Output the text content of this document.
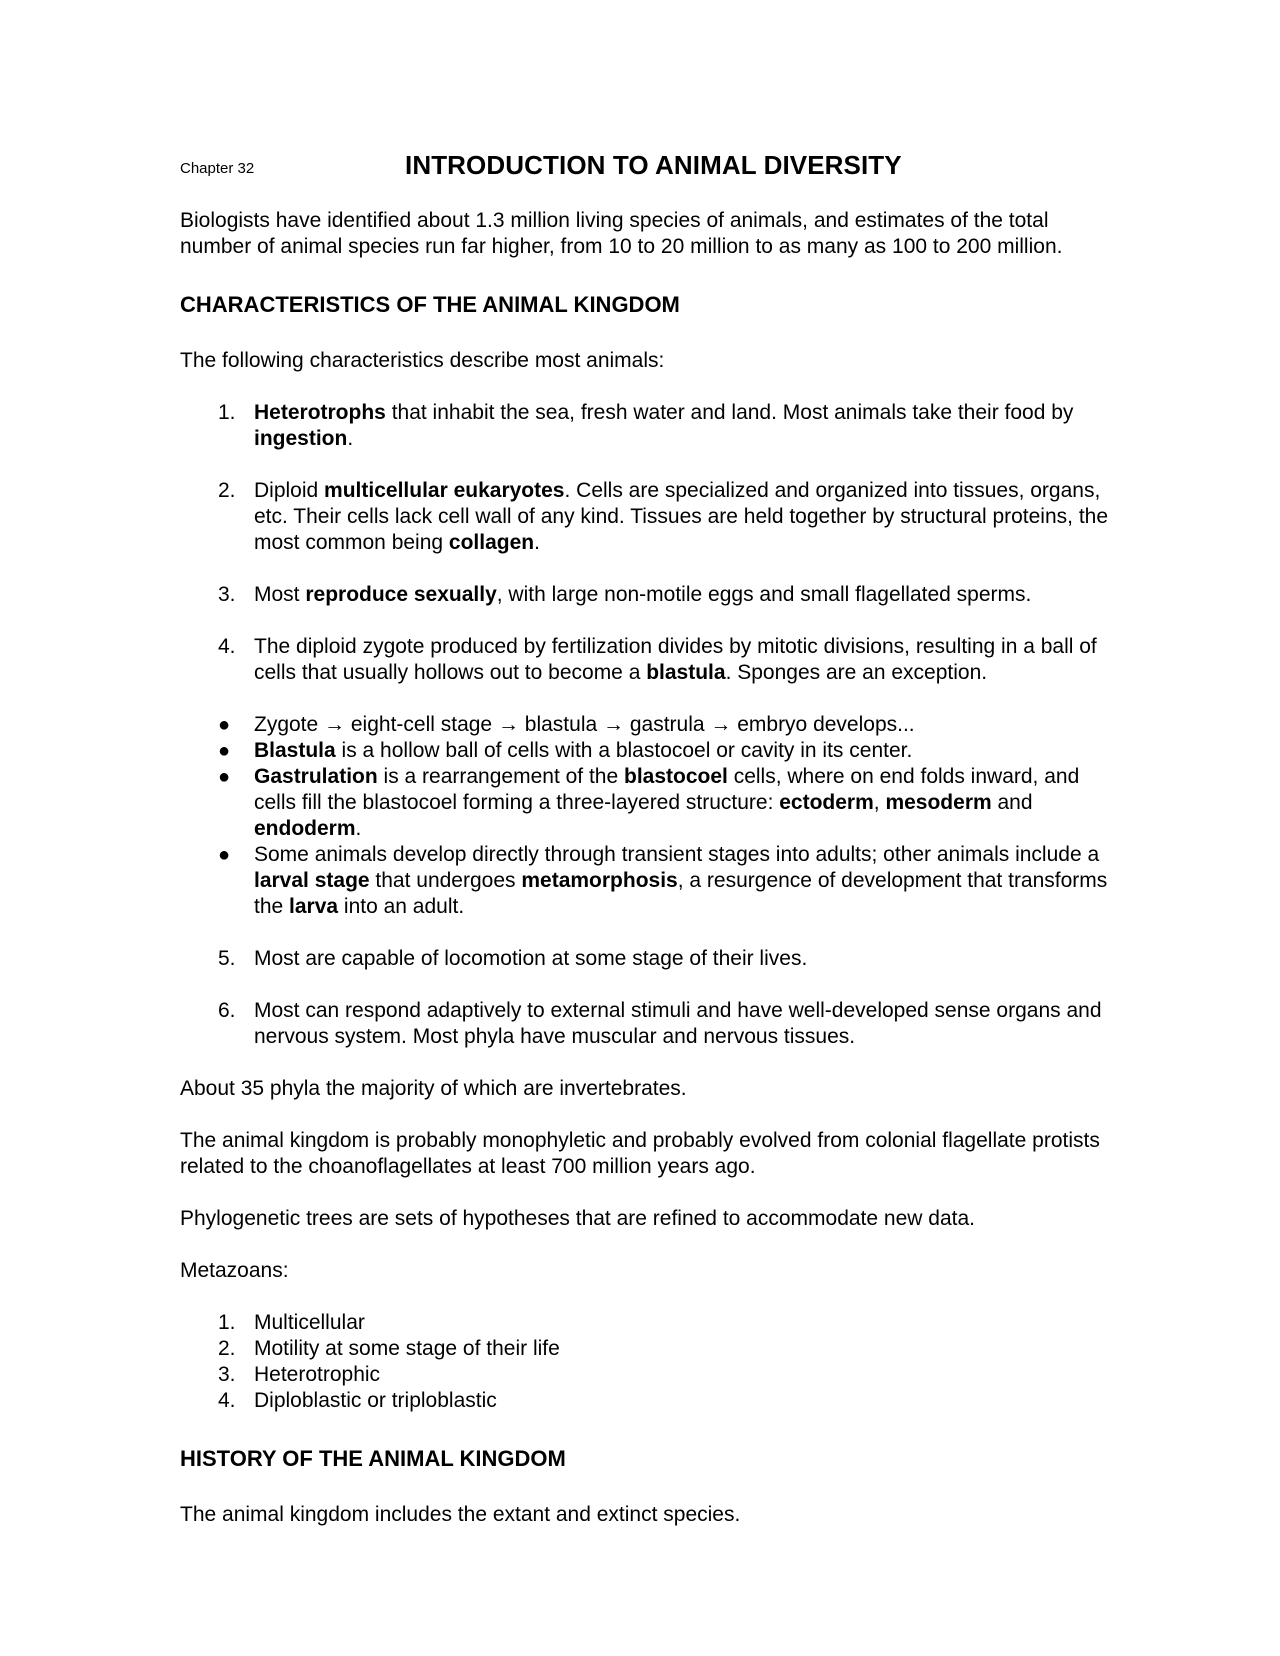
Chapter 32	INTRODUCTION TO ANIMAL DIVERSITY

Biologists have identified about 1.3 million living species of animals, and estimates of the total number of animal species run far higher, from 10 to 20 million to as many as 100 to 200 million.

CHARACTERISTICS OF THE ANIMAL KINGDOM

The following characteristics describe most animals:

1. Heterotrophs that inhabit the sea, fresh water and land. Most animals take their food by ingestion.
2. Diploid multicellular eukaryotes. Cells are specialized and organized into tissues, organs, etc. Their cells lack cell wall of any kind. Tissues are held together by structural proteins, the most common being collagen.
3. Most reproduce sexually, with large non-motile eggs and small flagellated sperms.
4. The diploid zygote produced by fertilization divides by mitotic divisions, resulting in a ball of cells that usually hollows out to become a blastula. Sponges are an exception.
● Zygote → eight-cell stage → blastula → gastrula → embryo develops...
● Blastula is a hollow ball of cells with a blastocoel or cavity in its center.
● Gastrulation is a rearrangement of the blastocoel cells, where on end folds inward, and cells fill the blastocoel forming a three-layered structure: ectoderm, mesoderm and endoderm.
● Some animals develop directly through transient stages into adults; other animals include a larval stage that undergoes metamorphosis, a resurgence of development that transforms the larva into an adult.
5. Most are capable of locomotion at some stage of their lives.
6. Most can respond adaptively to external stimuli and have well-developed sense organs and nervous system. Most phyla have muscular and nervous tissues.

About 35 phyla the majority of which are invertebrates.

The animal kingdom is probably monophyletic and probably evolved from colonial flagellate protists related to the choanoflagellates at least 700 million years ago.

Phylogenetic trees are sets of hypotheses that are refined to accommodate new data.

Metazoans:

1. Multicellular
2. Motility at some stage of their life
3. Heterotrophic
4. Diploblastic or triploblastic
HISTORY OF THE ANIMAL KINGDOM

The animal kingdom includes the extant and extinct species.
